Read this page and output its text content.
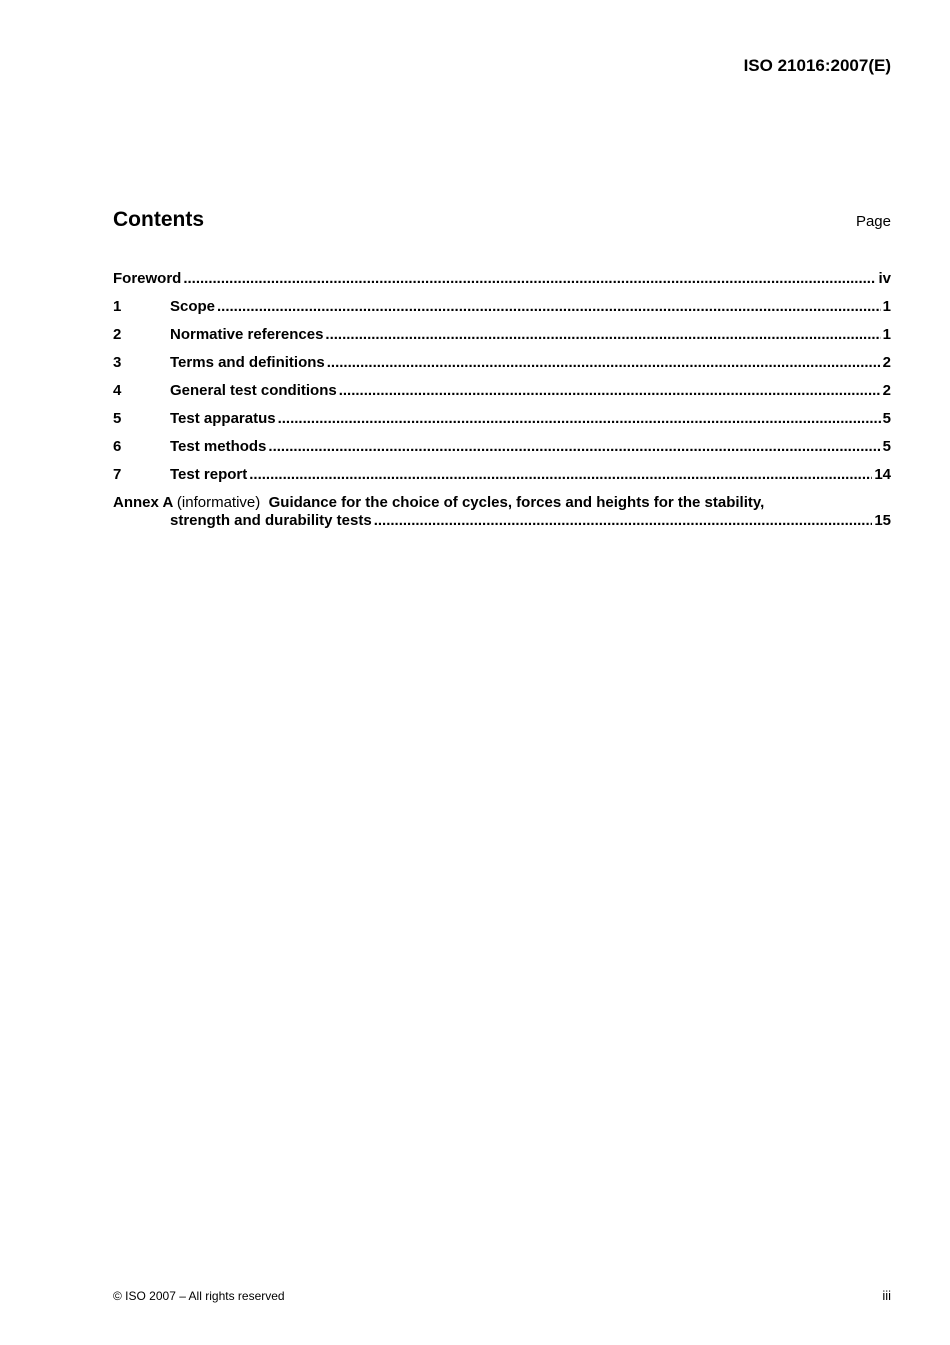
ISO 21016:2007(E)
Contents	Page
Foreword .....	iv
1	Scope .....	1
2	Normative references .....	1
3	Terms and definitions .....	2
4	General test conditions .....	2
5	Test apparatus .....	5
6	Test methods .....	5
7	Test report .....	14
Annex A (informative) Guidance for the choice of cycles, forces and heights for the stability,
strength and durability tests .....	15
© ISO 2007 – All rights reserved	iii
